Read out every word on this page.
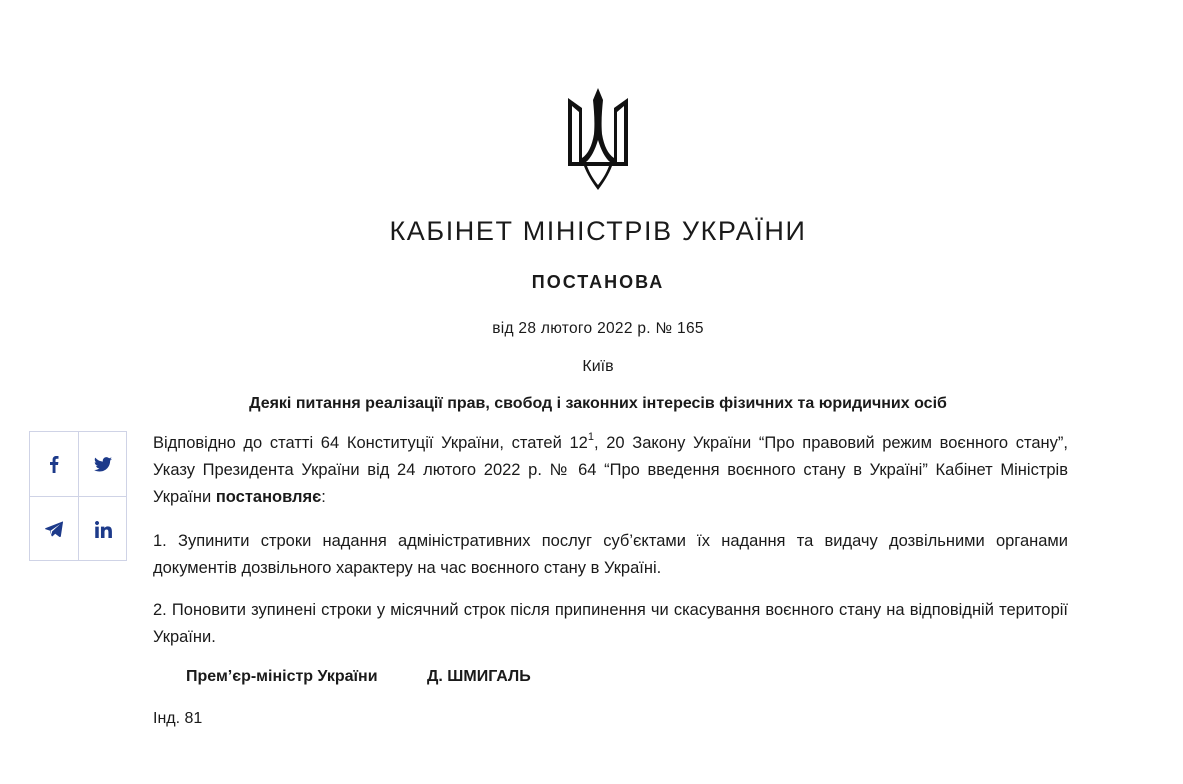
КАБІНЕТ МІНІСТРІВ УКРАЇНИ
ПОСТАНОВА
від 28 лютого 2022 р. № 165
Київ
Деякі питання реалізації прав, свобод і законних інтересів фізичних та юридичних осіб

Відповідно до статті 64 Конституції України, статей $12^1$, 20 Закону України “Про правовий режим воєнного стану”, Указу Президента України від 24 лютого 2022 р. № 64 “Про введення воєнного стану в Україні” Кабінет Міністрів України постановляє:

1. Зупинити строки надання адміністративних послуг суб’єктами їх надання та видачу дозвільними органами документів дозвільного характеру на час воєнного стану в Україні.

2. Поновити зупинені строки у місячний строк після припинення чи скасування воєнного стану на відповідній території України.

Прем’єр-міністр України	Д. ШМИГАЛЬ
Інд. 81
